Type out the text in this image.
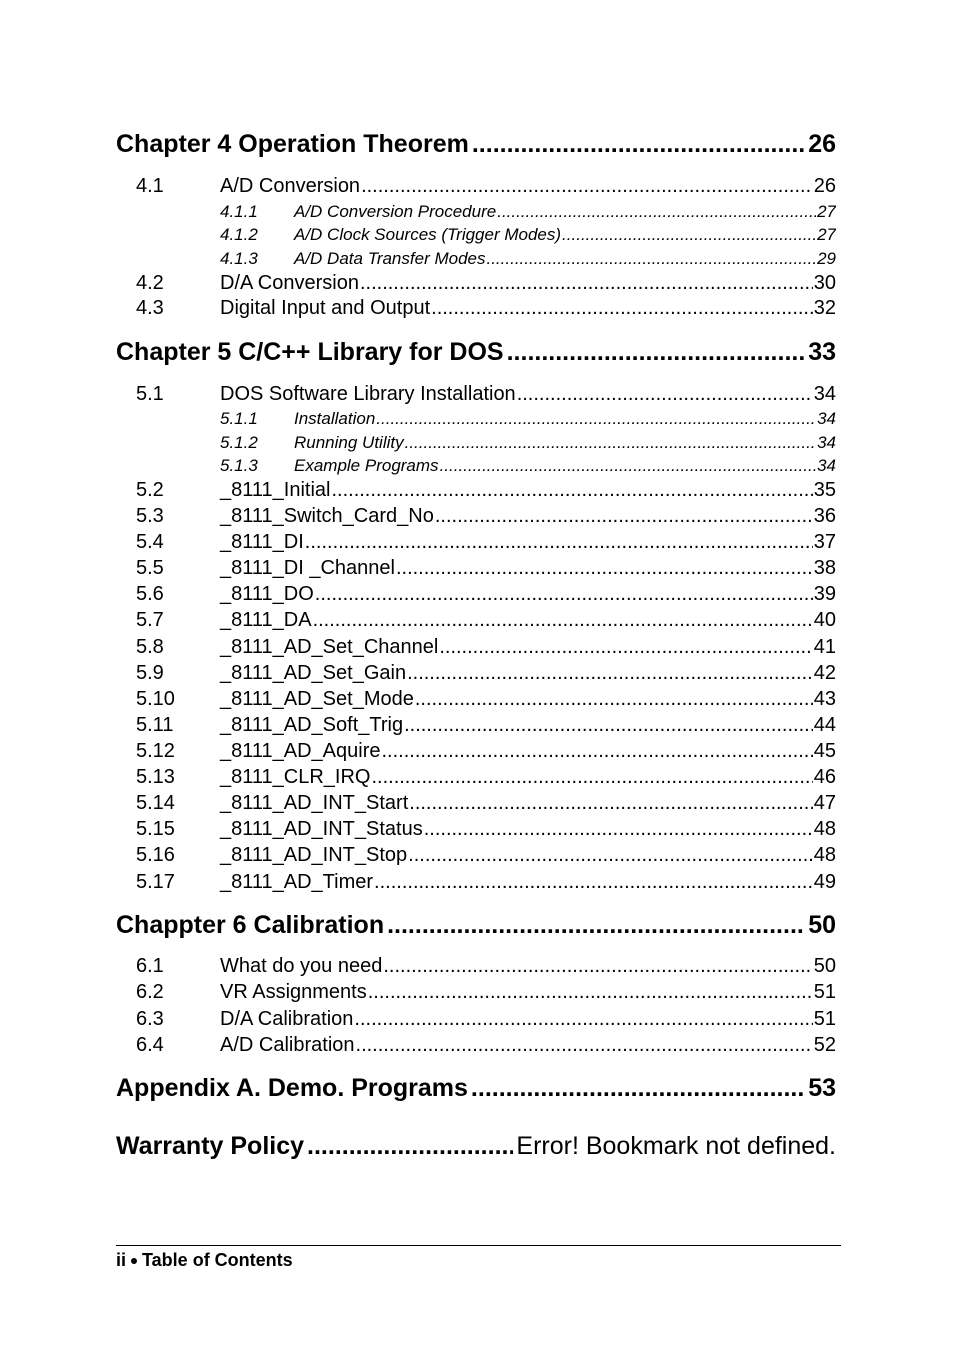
Chapter 4 Operation Theorem .....	26
4.1	A/D Conversion .....	26
4.1.1	A/D Conversion Procedure .....	27
4.1.2	A/D Clock Sources (Trigger Modes) .....	27
4.1.3	A/D Data Transfer Modes .....	29
4.2	D/A Conversion .....	30
4.3	Digital Input and Output .....	32
Chapter 5 C/C++ Library for DOS .....	33
5.1	DOS Software Library Installation .....	34
5.1.1	Installation .....	34
5.1.2	Running Utility .....	34
5.1.3	Example Programs .....	34
5.2	_8111_Initial .....	35
5.3	_8111_Switch_Card_No .....	36
5.4	_8111_DI .....	37
5.5	_8111_DI _Channel .....	38
5.6	_8111_DO .....	39
5.7	_8111_DA .....	40
5.8	_8111_AD_Set_Channel .....	41
5.9	_8111_AD_Set_Gain .....	42
5.10	_8111_AD_Set_Mode .....	43
5.11	_8111_AD_Soft_Trig .....	44
5.12	_8111_AD_Aquire .....	45
5.13	_8111_CLR_IRQ .....	46
5.14	_8111_AD_INT_Start .....	47
5.15	_8111_AD_INT_Status .....	48
5.16	_8111_AD_INT_Stop .....	48
5.17	_8111_AD_Timer .....	49
Chappter 6 Calibration .....	50
6.1	What do you need .....	50
6.2	VR Assignments .....	51
6.3	D/A Calibration .....	51
6.4	A/D Calibration .....	52
Appendix A. Demo. Programs .....	53
Warranty Policy .....	Error! Bookmark not defined.
ii Table of Contents
